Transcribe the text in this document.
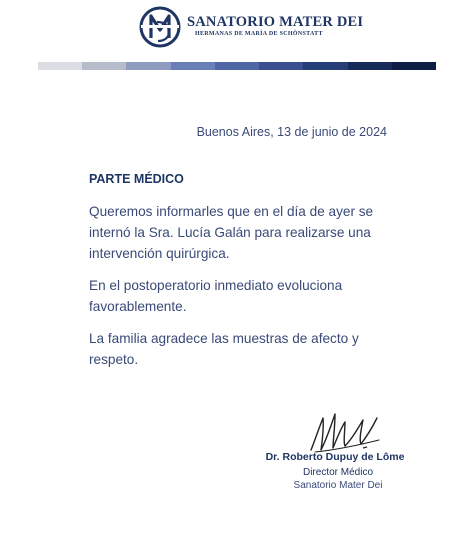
SANATORIO MATER DEI
HERMANAS DE MARÍA DE SCHÖNSTATT
Buenos Aires, 13 de junio de 2024
PARTE MÉDICO

Queremos informarles que en el día de ayer se internó la Sra. Lucía Galán para realizarse una intervención quirúrgica.

En el postoperatorio inmediato evoluciona favorablemente.

La familia agradece las muestras de afecto y respeto.

Dr. Roberto Dupuy de Lôme
Director Médico
Sanatorio Mater Dei
